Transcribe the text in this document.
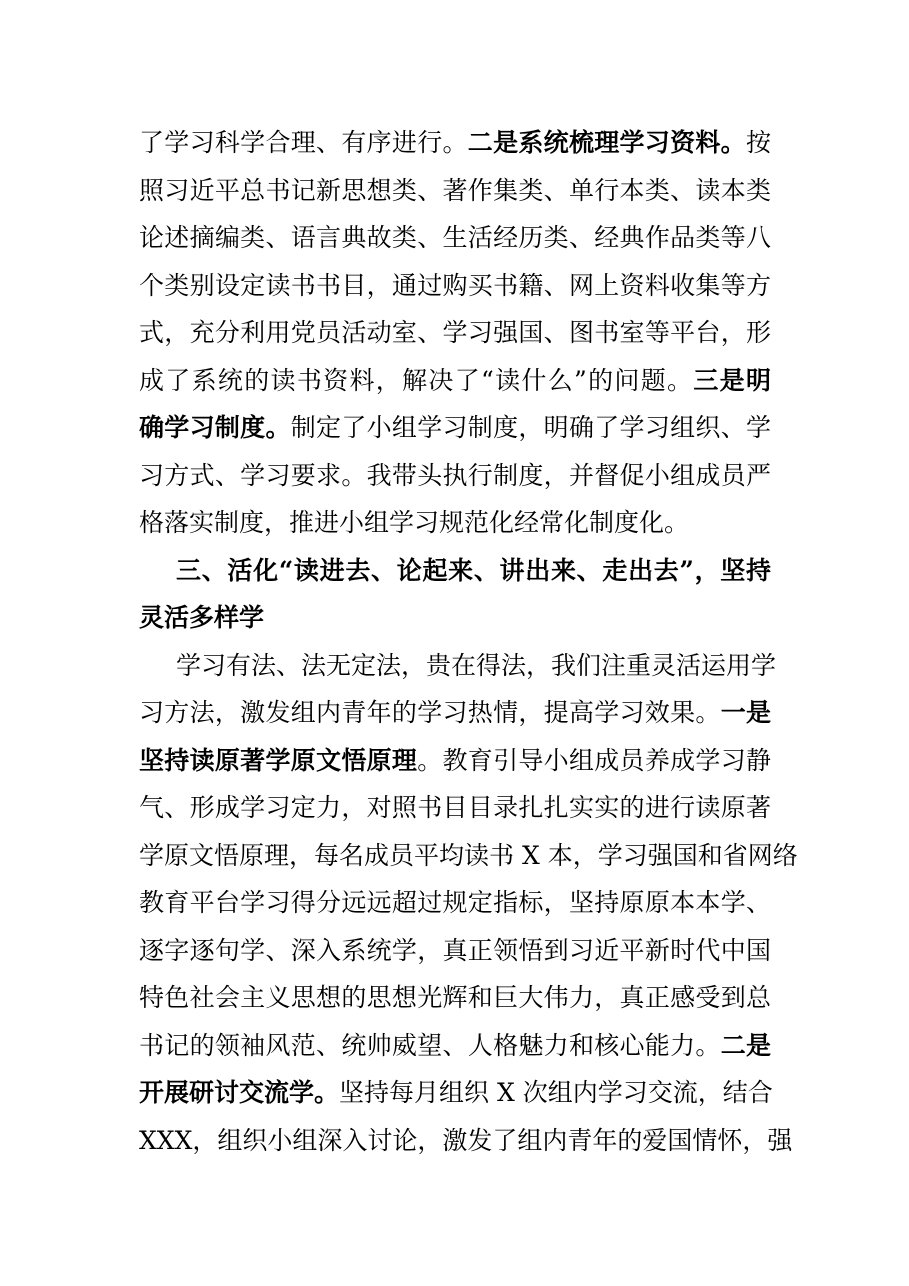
了学习科学合理、有序进行。二是系统梳理学习资料。按
照习近平总书记新思想类、著作集类、单行本类、读本类
论述摘编类、语言典故类、生活经历类、经典作品类等八
个类别设定读书书目，通过购买书籍、网上资料收集等方
式，充分利用党员活动室、学习强国、图书室等平台，形
成了系统的读书资料，解决了“读什么”的问题。三是明
确学习制度。制定了小组学习制度，明确了学习组织、学
习方式、学习要求。我带头执行制度，并督促小组成员严
格落实制度，推进小组学习规范化经常化制度化。
三、活化“读进去、论起来、讲出来、走出去”，坚持
灵活多样学
学习有法、法无定法，贵在得法，我们注重灵活运用学
习方法，激发组内青年的学习热情，提高学习效果。一是
坚持读原著学原文悟原理。教育引导小组成员养成学习静
气、形成学习定力，对照书目目录扎扎实实的进行读原著
学原文悟原理，每名成员平均读书 X 本，学习强国和省网络
教育平台学习得分远远超过规定指标，坚持原原本本学、
逐字逐句学、深入系统学，真正领悟到习近平新时代中国
特色社会主义思想的思想光辉和巨大伟力，真正感受到总
书记的领袖风范、统帅威望、人格魅力和核心能力。二是
开展研讨交流学。坚持每月组织 X 次组内学习交流，结合
XXX，组织小组深入讨论，激发了组内青年的爱国情怀，强
